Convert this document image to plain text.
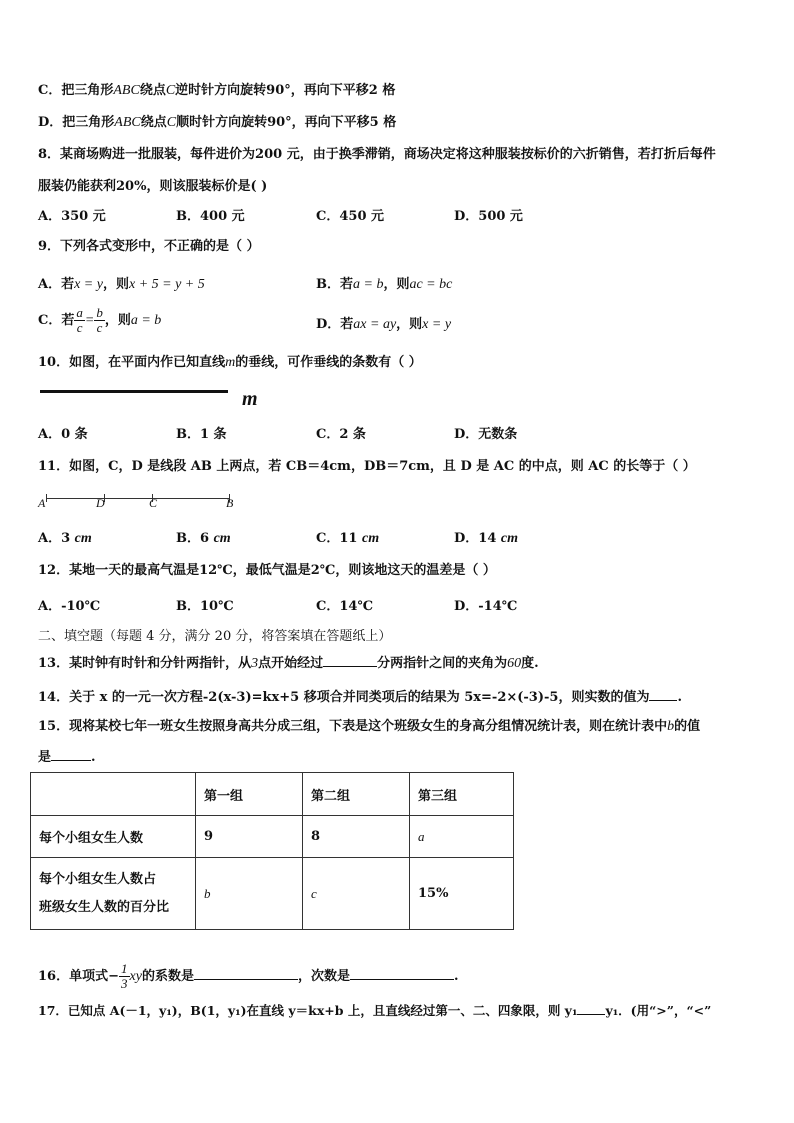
C．把三角形ABC绕点C逆时针方向旋转90°，再向下平移2 格
D．把三角形ABC绕点C顺时针方向旋转90°，再向下平移5 格
8．某商场购进一批服装，每件进价为200 元，由于换季滞销，商场决定将这种服装按标价的六折销售，若打折后每件
服装仍能获利20%，则该服装标价是( )
A．350 元	B．400 元	C．450 元	D．500 元
9．下列各式变形中，不正确的是（ ）
A．若x = y，则x + 5 = y + 5	B．若a = b，则ac = bc
C．若 $\frac{a}{c} = \frac{b}{c}$ ，则a = b	D．若ax = ay，则x = y
10．如图，在平面内作已知直线m的垂线，可作垂线的条数有（ ）
m
A．0 条	B．1 条	C．2 条	D．无数条
11．如图，C，D 是线段 AB 上两点，若 CB＝4cm，DB＝7cm，且 D 是 AC 的中点，则 AC 的长等于（ ）
A	D	C	B
A．3 cm	B．6 cm	C．11 cm	D．14 cm
12．某地一天的最高气温是12℃，最低气温是2℃，则该地这天的温差是（ ）
A．-10℃	B．10℃	C．14℃	D．-14℃
二、填空题（每题 4 分，满分 20 分，将答案填在答题纸上）
13．某时钟有时针和分针两指针，从3点开始经过	分两指针之间的夹角为60度.
14．关于 x 的一元一次方程-2(x-3)=kx+5 移项合并同类项后的结果为 5x=-2×(-3)-5，则实数的值为 .
15．现将某校七年一班女生按照身高共分成三组，下表是这个班级女生的身高分组情况统计表，则在统计表中b的值
是	.
	第一组	第二组	第三组
每个小组女生人数	9	8	a
每个小组女生人数占
班级女生人数的百分比	b	c	15%
16．单项式− $\frac{1}{3}$ xy的系数是	，次数是	.
17．已知点 A(－1，y₁)，B(1，y₁)在直线 y＝kx+b 上，且直线经过第一、二、四象限，则 y₁ y₁．(用“>”，“<”
